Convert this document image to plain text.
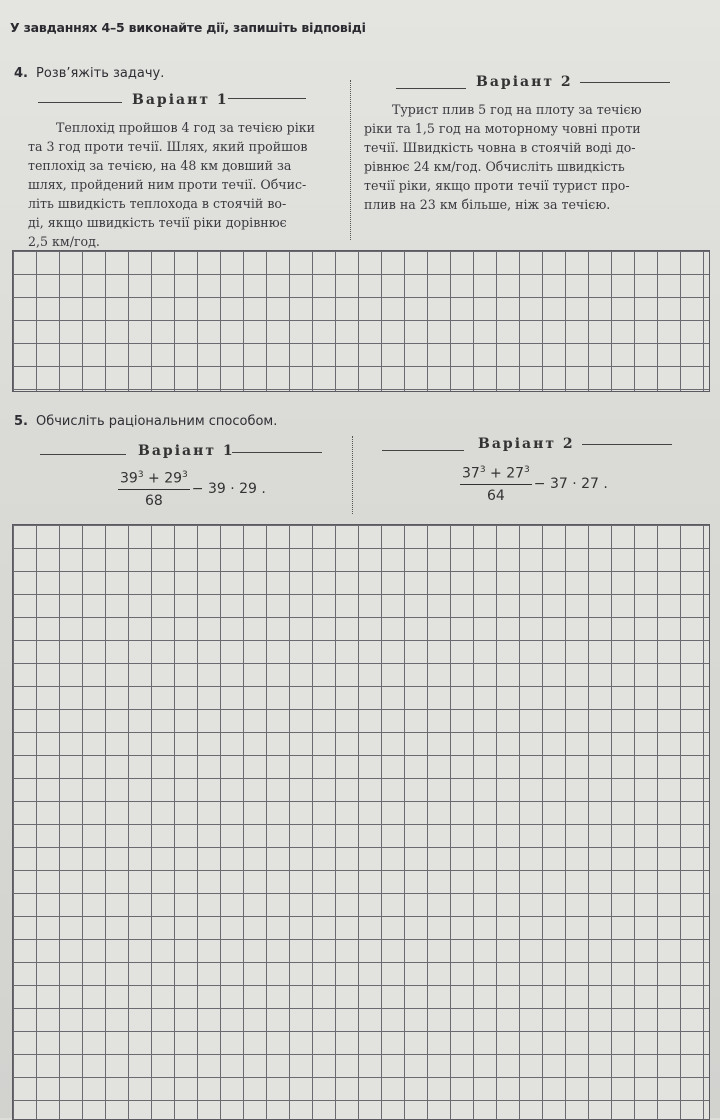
У завданнях 4–5 виконайте дії, запишіть відповіді
4. Розв’яжіть задачу.
Варіант 1
Варіант 2
Теплохід пройшов 4 год за течією ріки
та 3 год проти течії. Шлях, який пройшов
теплохід за течією, на 48 км довший за
шлях, пройдений ним проти течії. Обчис-
літь швидкість теплохода в стоячій во-
ді, якщо швидкість течії ріки дорівнює
2,5 км/год.
Турист плив 5 год на плоту за течією
ріки та 1,5 год на моторному човні проти
течії. Швидкість човна в стоячій воді до-
рівнює 24 км/год. Обчисліть швидкість
течії ріки, якщо проти течії турист про-
плив на 23 км більше, ніж за течією.
5. Обчисліть раціональним способом.
Варіант 1	Варіант 2
$\frac{39^3 + 29^3}{68} - 39 \cdot 29$ .	$\frac{37^3 + 27^3}{64} - 37 \cdot 27$ .
